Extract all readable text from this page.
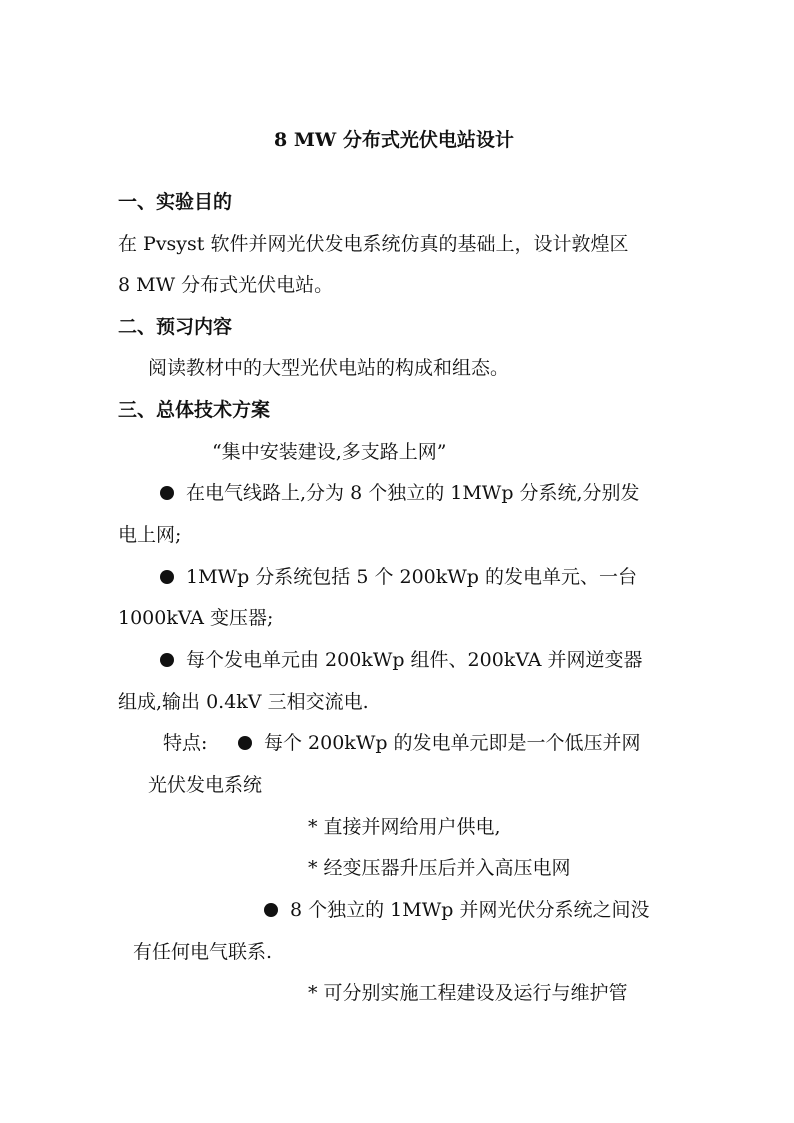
8 MW 分布式光伏电站设计
一、实验目的
在 Pvsyst 软件并网光伏发电系统仿真的基础上，设计敦煌区
8 MW 分布式光伏电站。
二、预习内容
阅读教材中的大型光伏电站的构成和组态。
三、总体技术方案
“集中安装建设,多支路上网”
在电气线路上,分为 8 个独立的 1MWp 分系统,分别发
电上网;
1MWp 分系统包括 5 个 200kWp 的发电单元、一台
1000kVA 变压器;
每个发电单元由 200kWp 组件、200kVA 并网逆变器
组成,输出 0.4kV 三相交流电.
特点:	每个 200kWp 的发电单元即是一个低压并网
光伏发电系统
* 直接并网给用户供电,
* 经变压器升压后并入高压电网
8 个独立的 1MWp 并网光伏分系统之间没
有任何电气联系.
* 可分别实施工程建设及运行与维护管
